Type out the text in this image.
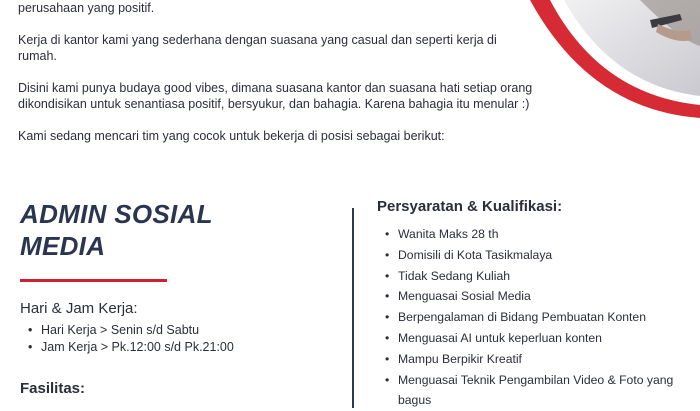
perusahaan yang positif.

Kerja di kantor kami yang sederhana dengan suasana yang casual dan seperti kerja di rumah.

Disini kami punya budaya good vibes, dimana suasana kantor dan suasana hati setiap orang dikondisikan untuk senantiasa positif, bersyukur, dan bahagia. Karena bahagia itu menular :)

Kami sedang mencari tim yang cocok untuk bekerja di posisi sebagai berikut:

ADMIN SOSIAL
MEDIA
Hari & Jam Kerja:
• Hari Kerja > Senin s/d Sabtu
• Jam Kerja > Pk.12:00 s/d Pk.21:00
Fasilitas:
Persyaratan & Kualifikasi:
• Wanita Maks 28 th
• Domisili di Kota Tasikmalaya
• Tidak Sedang Kuliah
• Menguasai Sosial Media
• Berpengalaman di Bidang Pembuatan Konten
• Menguasai AI untuk keperluan konten
• Mampu Berpikir Kreatif
• Menguasai Teknik Pengambilan Video & Foto yang bagus
